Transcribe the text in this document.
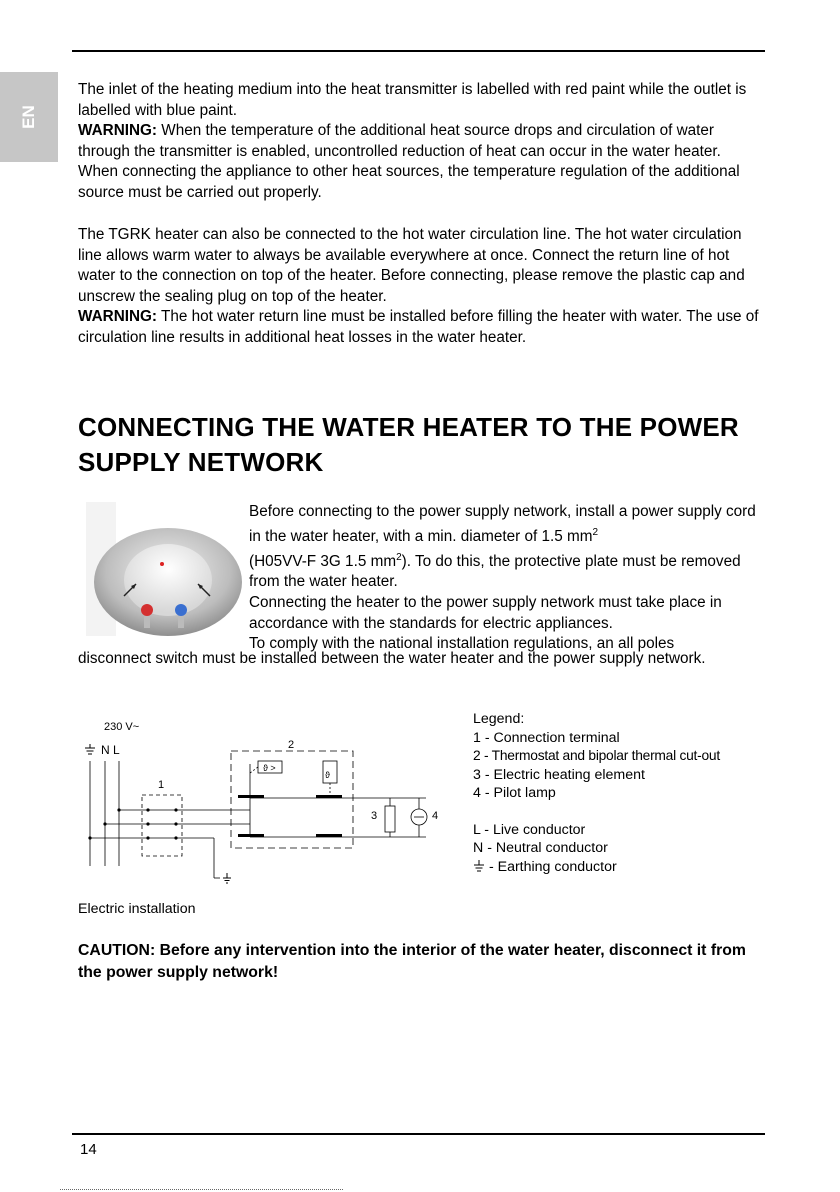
EN

The inlet of the heating medium into the heat transmitter is labelled with red paint while the outlet is labelled with blue paint.
WARNING: When the temperature of the additional heat source drops and circulation of water through the transmitter is enabled, uncontrolled reduction of heat can occur in the water heater. When connecting the appliance to other heat sources, the temperature regulation of the additional source must be carried out properly.

The TGRK heater can also be connected to the hot water circulation line. The hot water circulation line allows warm water to always be available everywhere at once. Connect the return line of hot water to the connection on top of the heater. Before connecting, please remove the plastic cap and unscrew the sealing plug on top of the heater.
WARNING: The hot water return line must be installed before filling the heater with water. The use of circulation line results in additional heat losses in the water heater.

CONNECTING THE WATER HEATER TO THE POWER SUPPLY NETWORK

Before connecting to the power supply network, install a power supply cord in the water heater, with a min. diameter of 1.5 $mm^2$
(H05VV-F 3G 1.5 $mm^2$). To do this, the protective plate must be removed from the water heater.
Connecting the heater to the power supply network must take place in accordance with the standards for electric appliances.
To comply with the national installation regulations, an all poles

disconnect switch must be installed between the water heater and the power supply network.

230 V~
N L
ϑ >
ϑ
1
2
3	4
Legend:
1 - Connection terminal
2 - Thermostat and bipolar thermal cut-out
3 - Electric heating element
4 - Pilot lamp
L - Live conductor
N - Neutral conductor
- Earthing conductor
Electric installation
CAUTION: Before any intervention into the interior of the water heater, disconnect it from the power supply network!
14
